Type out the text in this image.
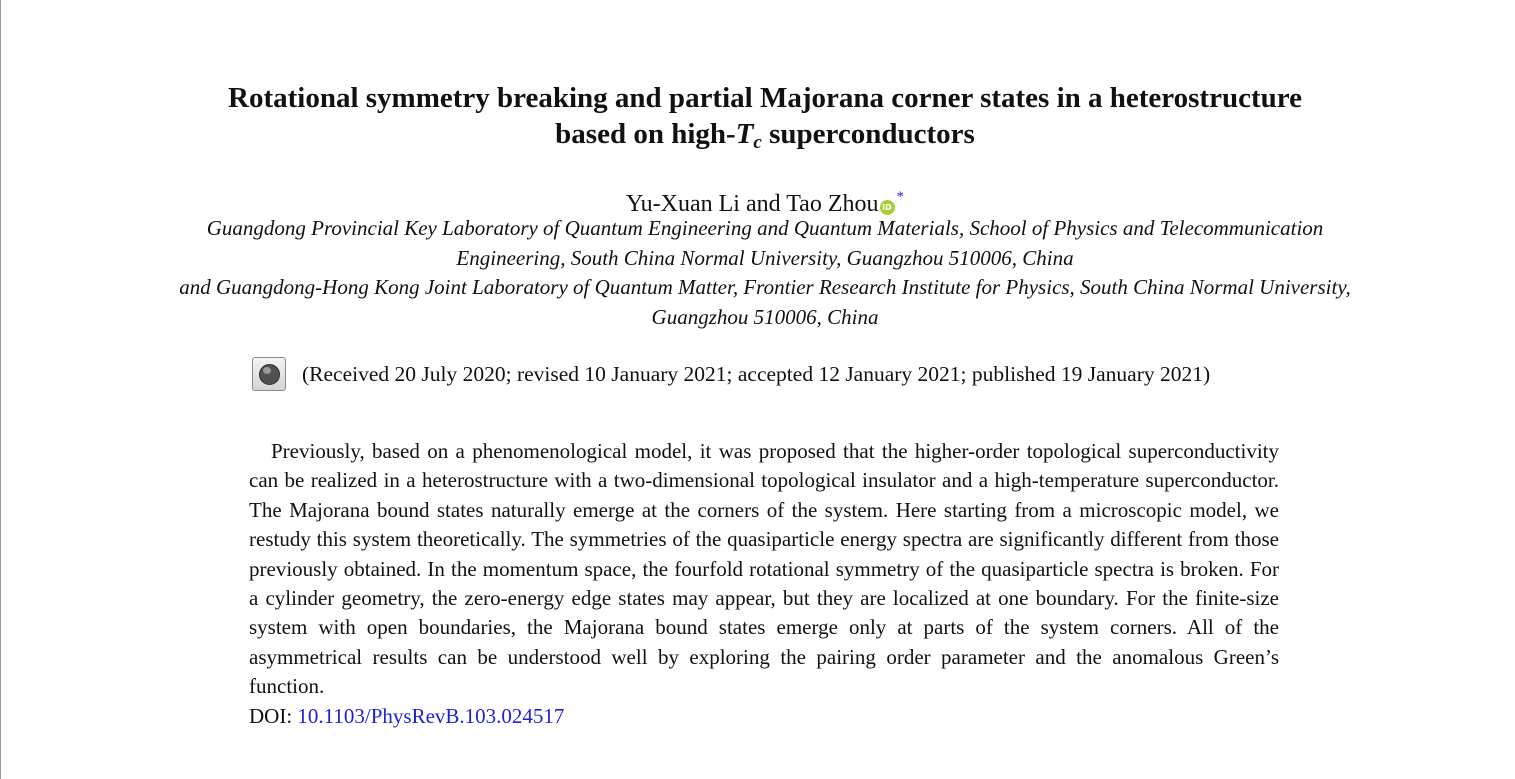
Rotational symmetry breaking and partial Majorana corner states in a heterostructure
based on high-$T_c$ superconductors
Yu-Xuan Li and Tao Zhou iD*
Guangdong Provincial Key Laboratory of Quantum Engineering and Quantum Materials, School of Physics and Telecommunication
Engineering, South China Normal University, Guangzhou 510006, China
and Guangdong-Hong Kong Joint Laboratory of Quantum Matter, Frontier Research Institute for Physics, South China Normal University,
Guangzhou 510006, China
(Received 20 July 2020; revised 10 January 2021; accepted 12 January 2021; published 19 January 2021)

Previously, based on a phenomenological model, it was proposed that the higher-order topological superconductivity can be realized in a heterostructure with a two-dimensional topological insulator and a high-temperature superconductor. The Majorana bound states naturally emerge at the corners of the system. Here starting from a microscopic model, we restudy this system theoretically. The symmetries of the quasiparticle energy spectra are significantly different from those previously obtained. In the momentum space, the fourfold rotational symmetry of the quasiparticle spectra is broken. For a cylinder geometry, the zero-energy edge states may appear, but they are localized at one boundary. For the finite-size system with open boundaries, the Majorana bound states emerge only at parts of the system corners. All of the asymmetrical results can be understood well by exploring the pairing order parameter and the anomalous Green’s function.

DOI: 10.1103/PhysRevB.103.024517
